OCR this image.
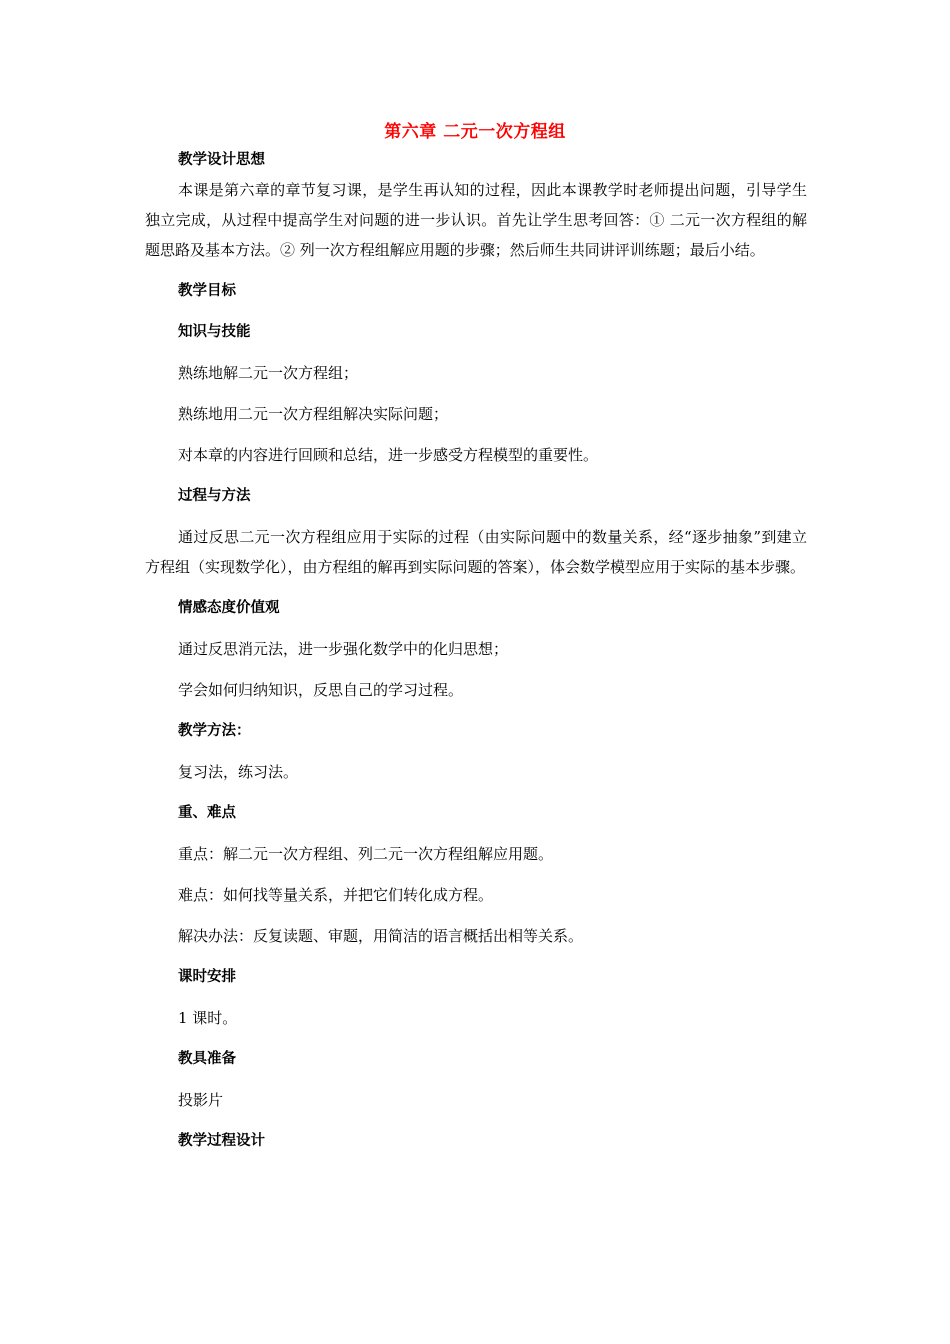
第六章 二元一次方程组

教学设计思想

本课是第六章的章节复习课，是学生再认知的过程，因此本课教学时老师提出问题，引导学生独立完成，从过程中提高学生对问题的进一步认识。首先让学生思考回答：① 二元一次方程组的解题思路及基本方法。② 列一次方程组解应用题的步骤；然后师生共同讲评训练题；最后小结。

教学目标

知识与技能

熟练地解二元一次方程组；

熟练地用二元一次方程组解决实际问题；

对本章的内容进行回顾和总结，进一步感受方程模型的重要性。

过程与方法

通过反思二元一次方程组应用于实际的过程（由实际问题中的数量关系，经“逐步抽象”到建立方程组（实现数学化），由方程组的解再到实际问题的答案），体会数学模型应用于实际的基本步骤。

情感态度价值观

通过反思消元法，进一步强化数学中的化归思想；

学会如何归纳知识，反思自己的学习过程。

教学方法：

复习法，练习法。

重、难点

重点：解二元一次方程组、列二元一次方程组解应用题。

难点：如何找等量关系，并把它们转化成方程。

解决办法：反复读题、审题，用简洁的语言概括出相等关系。

课时安排

1 课时。

教具准备

投影片

教学过程设计
